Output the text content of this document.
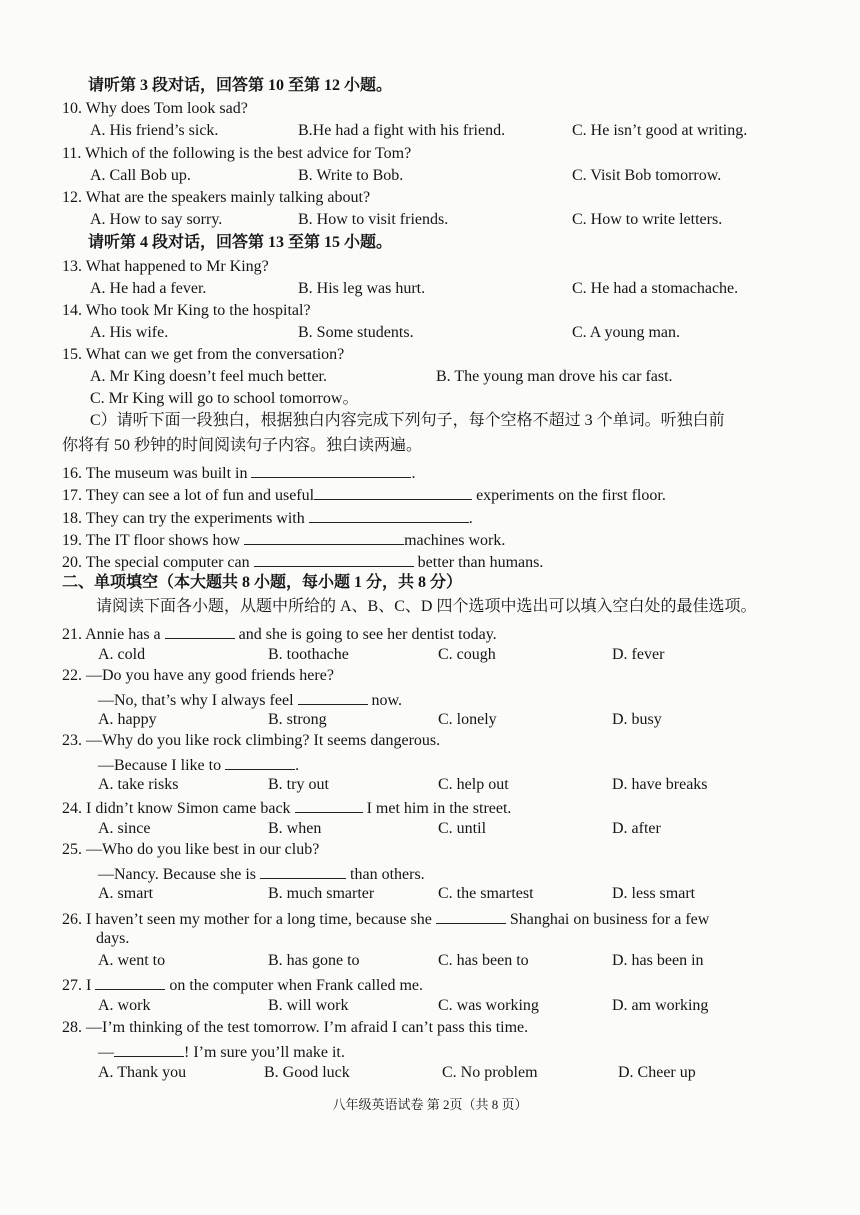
请听第 3 段对话，回答第 10 至第 12 小题。
10. Why does Tom look sad?
A. His friend’s sick.	B.He had a fight with his friend.	C. He isn’t good at writing.
11. Which of the following is the best advice for Tom?
A. Call Bob up.	B. Write to Bob.	C. Visit Bob tomorrow.
12. What are the speakers mainly talking about?
A. How to say sorry.	B. How to visit friends.	C. How to write letters.
请听第 4 段对话，回答第 13 至第 15 小题。
13. What happened to Mr King?
A. He had a fever.	B. His leg was hurt.	C. He had a stomachache.
14. Who took Mr King to the hospital?
A. His wife.	B. Some students.	C. A young man.
15. What can we get from the conversation?
A. Mr King doesn’t feel much better.	B. The young man drove his car fast.
C. Mr King will go to school tomorrow。
C）请听下面一段独白，根据独白内容完成下列句子，每个空格不超过 3 个单词。听独白前
你将有 50 秒钟的时间阅读句子内容。独白读两遍。
16. The museum was built in	.
17. They can see a lot of fun and useful	experiments on the first floor.
18. They can try the experiments with	.
19. The IT floor shows how	machines work.
20. The special computer can	better than humans.
二、单项填空（本大题共 8 小题，每小题 1 分，共 8 分）
请阅读下面各小题，从题中所给的 A、B、C、D 四个选项中选出可以填入空白处的最佳选项。
21. Annie has a	and she is going to see her dentist today.
A. cold	B. toothache	C. cough	D. fever
22. —Do you have any good friends here?
—No, that’s why I always feel	now.
A. happy	B. strong	C. lonely	D. busy
23. —Why do you like rock climbing? It seems dangerous.
—Because I like to	.
A. take risks	B. try out	C. help out	D. have breaks
24. I didn’t know Simon came back	I met him in the street.
A. since	B. when	C. until	D. after
25. —Who do you like best in our club?
—Nancy. Because she is	than others.
A. smart	B. much smarter	C. the smartest	D. less smart
26. I haven’t seen my mother for a long time, because she	Shanghai on business for a few
days.
A. went to	B. has gone to	C. has been to	D. has been in
27. I	on the computer when Frank called me.
A. work	B. will work	C. was working	D. am working
28. —I’m thinking of the test tomorrow. I’m afraid I can’t pass this time.
—	! I’m sure you’ll make it.
A. Thank you	B. Good luck	C. No problem	D. Cheer up
八年级英语试卷 第 2页（共 8 页）
